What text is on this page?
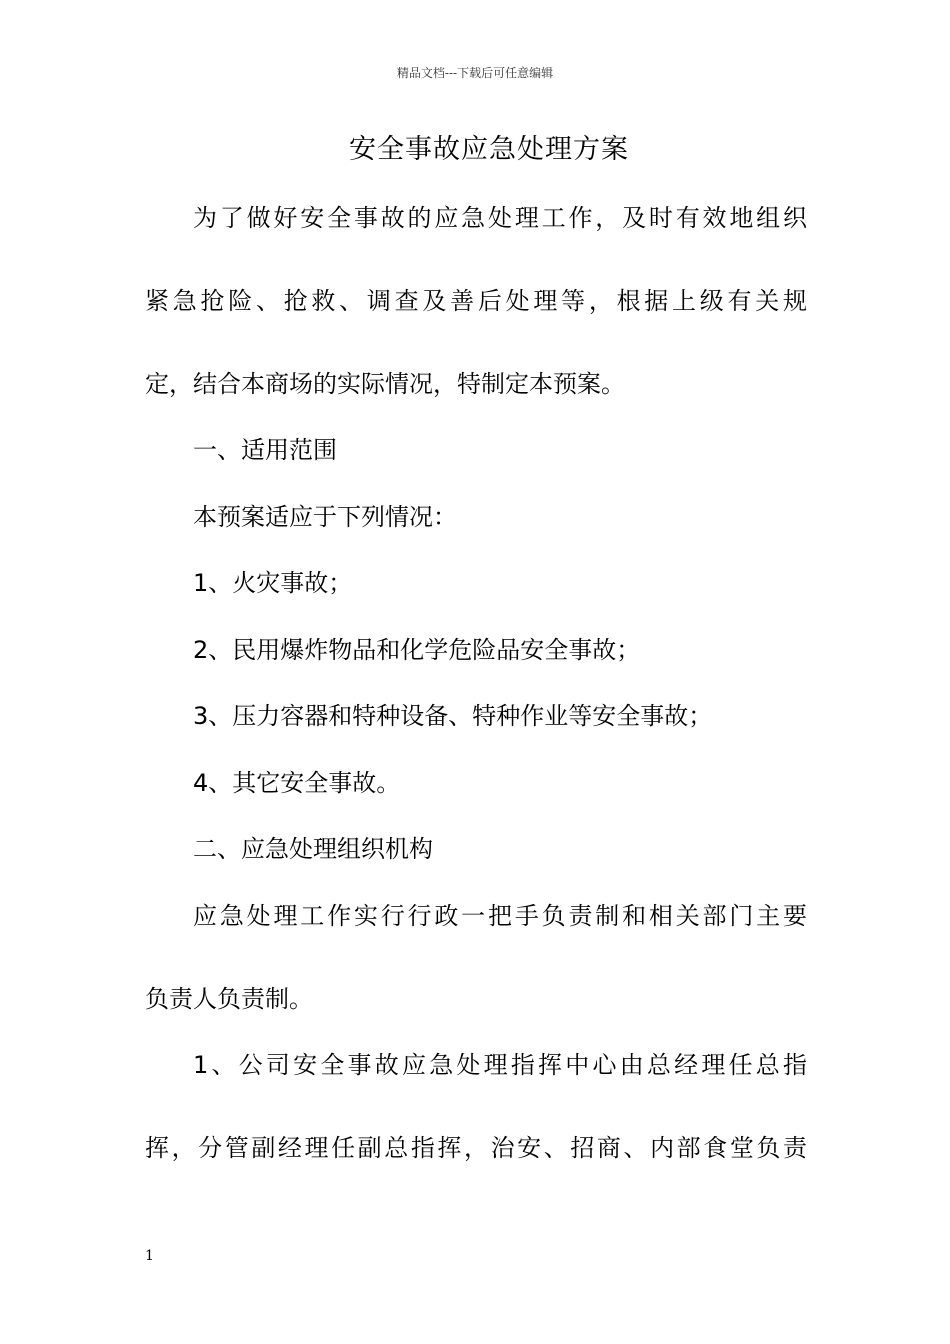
精品文档---下载后可任意编辑
安全事故应急处理方案
为了做好安全事故的应急处理工作，及时有效地组织
紧急抢险、抢救、调查及善后处理等，根据上级有关规
定，结合本商场的实际情况，特制定本预案。
一、适用范围
本预案适应于下列情况：
1、火灾事故；
2、民用爆炸物品和化学危险品安全事故；
3、压力容器和特种设备、特种作业等安全事故；
4、其它安全事故。
二、应急处理组织机构
应急处理工作实行行政一把手负责制和相关部门主要
负责人负责制。
1、公司安全事故应急处理指挥中心由总经理任总指
挥，分管副经理任副总指挥，治安、招商、内部食堂负责
1
